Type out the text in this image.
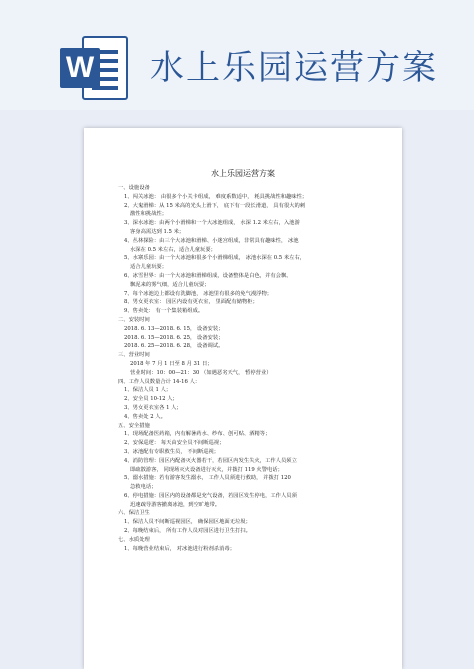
W 水上乐园运营方案
水上乐园运营方案
一、设施设备
1、闯关冰池： 由很多个小关卡组成， 难度系数适中， 耗具挑战性和趣味性；
2、大鬼滑梯：从 15 米高的光头上滑下， 底下有一段长滑道， 具有很大的刺
激性和挑战性；
3、深水冰池：由两个小滑梯和一个大冰池组成， 水深 1.2 米左右，入池游
客身高需达到 1.5 米；
4、丛林探险：由三个大冰池和滑梯、小迷宫组成，非常具有趣味性， 冰池
水深在 0.5 米左右，适合儿童玩耍；
5、水寨乐园：由一个大冰池和很多个小滑梯组成， 冰池水深在 0.5 米左右，
适合儿童玩耍；
6、冰雪世界：由一个大冰池和滑梯组成，设备整体是白色，并有会飘、
飘泥来的雾气细，适合儿童玩耍；
7、每个冰池边上都设有洗脚池， 冰池里有很多的免气漫浮物；
8、男女更衣室： 园区内设有更衣室， 里面配有储物柜；
9、售卖处： 有一个集装箱组成。
二、安装时间
2018. 6. 13—2018. 6. 15， 设备安装；
2018. 6. 15—2018. 6. 25， 设备安装；
2018. 6. 25—2018. 6. 28， 设备调试。
三、营业时间
2018 年 7 月 1 日至 8 月 31 日；
营业时间：10：00—21：30 （如遇恶劣天气， 暂停营业）
四、工作人员数量合计 14-16 人：
1、保洁人员 1 人；
2、安全员 10-12 人；
3、男女更衣室各 1 人；
4、售卖处 2 人。
五、安全措施
1、现场配备医药箱，内有解暑药水、纱布、创可贴、酒精等；
2、安保巡逻： 每天由安全员不间断巡视；
3、冰池配有专职救生员， 不间断巡视；
4、消防管理：园区内配备灭火器若干，若园区内发生失火，工作人员须立
即疏散游客， 同现场灭火设备进行灭火，并拨打 119 火警电话；
5、溺水措施：若有游客发生溺水， 工作人员须进行救助， 并拨打 120
急救电话；
6、停电措施：园区内的设备都是充气设备，若园区发生停电，工作人员须
迅速疏导游客撤离冰池，到空旷地带。
六、保洁卫生
1、保洁人员不间断巡视园区， 确保园区地面无垃圾；
2、每晚结束后， 所有工作人员对园区进行卫生打扫。
七、水质处理
1、每晚营业结束后， 对冰池进行粉剂杀消毒；
